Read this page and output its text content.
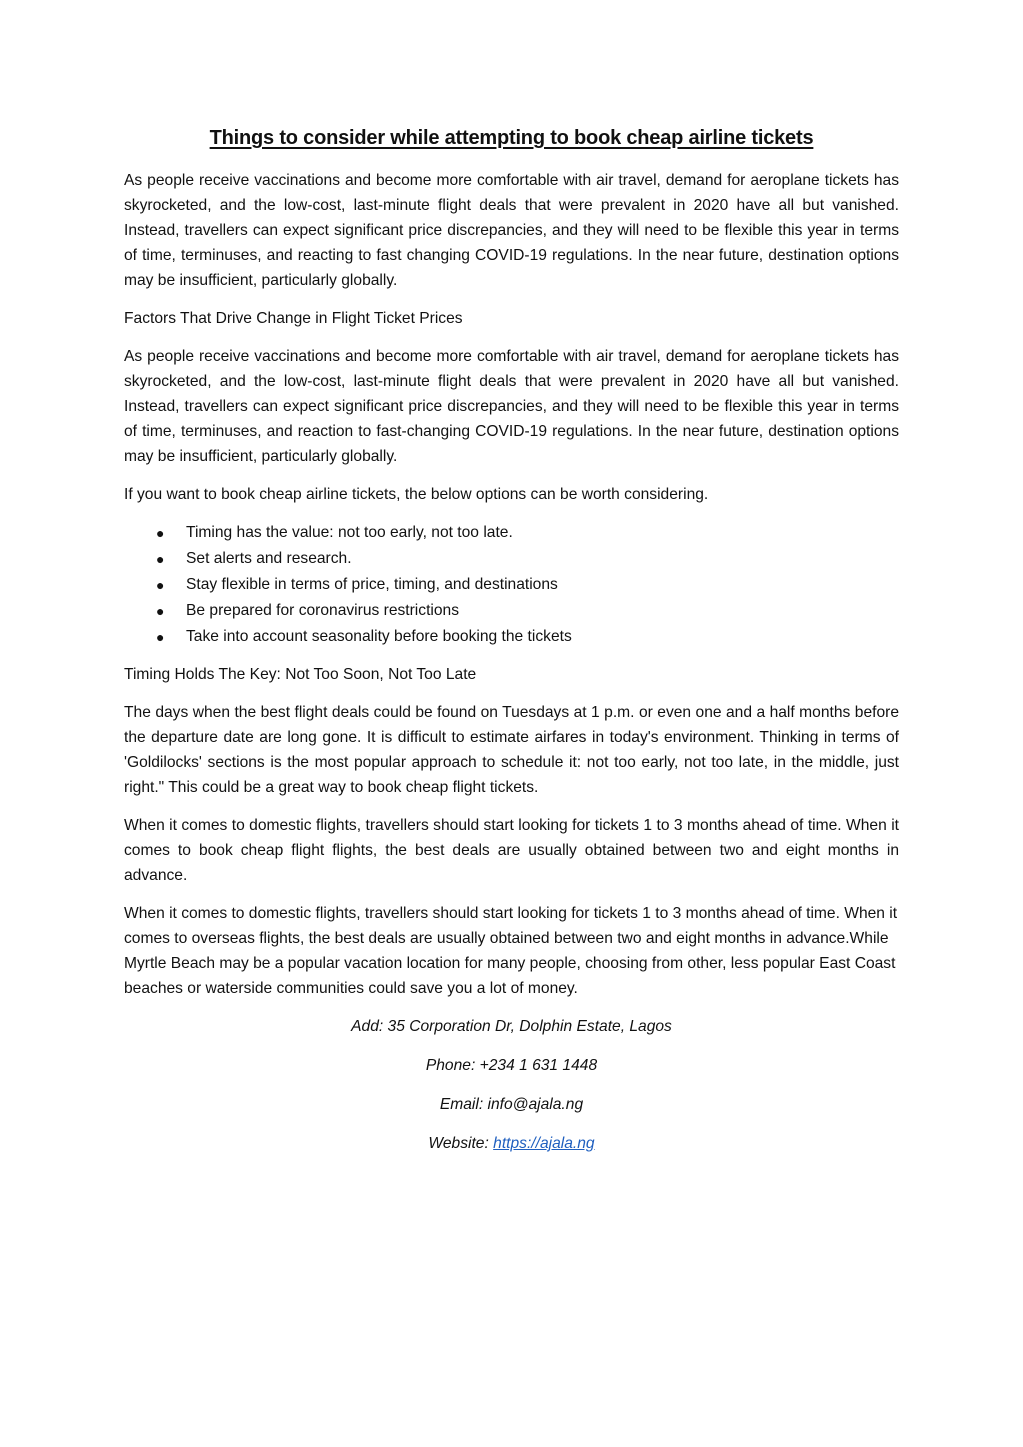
Things to consider while attempting to book cheap airline tickets

As people receive vaccinations and become more comfortable with air travel, demand for aeroplane tickets has skyrocketed, and the low-cost, last-minute flight deals that were prevalent in 2020 have all but vanished. Instead, travellers can expect significant price discrepancies, and they will need to be flexible this year in terms of time, terminuses, and reacting to fast changing COVID-19 regulations. In the near future, destination options may be insufficient, particularly globally.

Factors That Drive Change in Flight Ticket Prices

As people receive vaccinations and become more comfortable with air travel, demand for aeroplane tickets has skyrocketed, and the low-cost, last-minute flight deals that were prevalent in 2020 have all but vanished. Instead, travellers can expect significant price discrepancies, and they will need to be flexible this year in terms of time, terminuses, and reaction to fast-changing COVID-19 regulations. In the near future, destination options may be insufficient, particularly globally.

If you want to book cheap airline tickets, the below options can be worth considering.

● Timing has the value: not too early, not too late.
● Set alerts and research.
● Stay flexible in terms of price, timing, and destinations
● Be prepared for coronavirus restrictions
● Take into account seasonality before booking the tickets

Timing Holds The Key: Not Too Soon, Not Too Late

The days when the best flight deals could be found on Tuesdays at 1 p.m. or even one and a half months before the departure date are long gone. It is difficult to estimate airfares in today's environment. Thinking in terms of 'Goldilocks' sections is the most popular approach to schedule it: not too early, not too late, in the middle, just right." This could be a great way to book cheap flight tickets.

When it comes to domestic flights, travellers should start looking for tickets 1 to 3 months ahead of time. When it comes to book cheap flight flights, the best deals are usually obtained between two and eight months in advance.

When it comes to domestic flights, travellers should start looking for tickets 1 to 3 months ahead of time. When it comes to overseas flights, the best deals are usually obtained between two and eight months in advance.While Myrtle Beach may be a popular vacation location for many people, choosing from other, less popular East Coast beaches or waterside communities could save you a lot of money.

Add: 35 Corporation Dr, Dolphin Estate, Lagos
Phone: +234 1 631 1448
Email: info@ajala.ng
Website: https://ajala.ng
